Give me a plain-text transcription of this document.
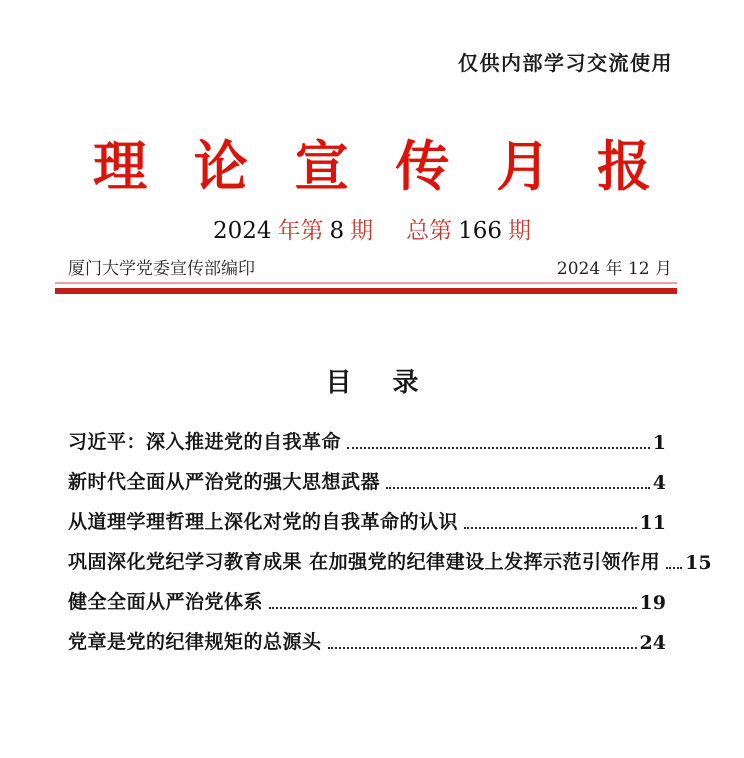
仅供内部学习交流使用
理 论 宣 传 月 报
2024 年第 8 期 总第 166 期
厦门大学党委宣传部编印	2024 年 12 月
目 录
习近平：深入推进党的自我革命	1
新时代全面从严治党的强大思想武器	4
从道理学理哲理上深化对党的自我革命的认识	11
巩固深化党纪学习教育成果 在加强党的纪律建设上发挥示范引领作用 15
健全全面从严治党体系	19
党章是党的纪律规矩的总源头	24
